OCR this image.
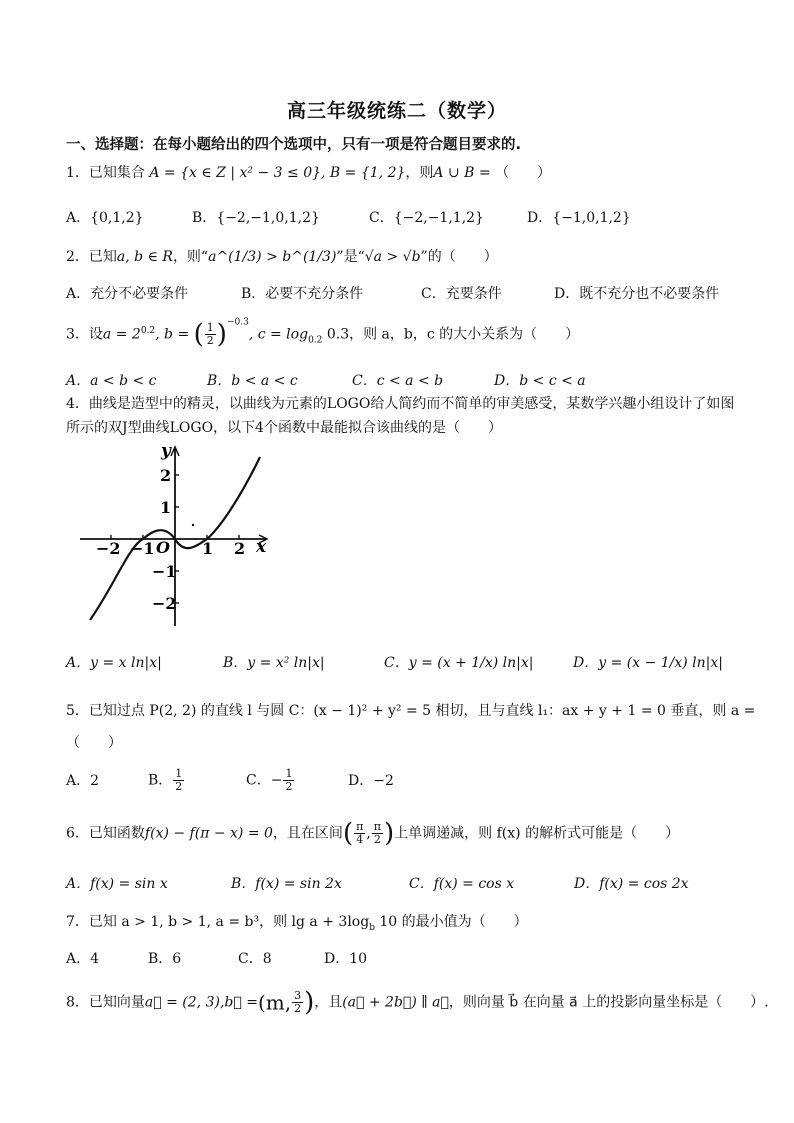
高三年级统练二（数学）
一、选择题：在每小题给出的四个选项中，只有一项是符合题目要求的.
1．已知集合 A = {x ∈ Z | x² − 3 ≤ 0}, B = {1, 2}，则A ∪ B = （　　）
A．{0,1,2}	B．{−2,−1,0,1,2}	C．{−2,−1,1,2}	D．{−1,0,1,2}
2．已知a, b ∈ R，则“a^(1/3) > b^(1/3)”是“√a > √b”的（　　）
A．充分不必要条件	B．必要不充分条件	C．充要条件	D．既不充分也不必要条件
3．设$a = 2^{0.2}$, b = ( $\frac{1}{2} )^{-0.3}$, $c = \log_{0.2} 0.3$，则 a，b，c 的大小关系为（　　）
A．a < b < c	B．b < a < c	C．c < a < b	D．b < c < a
4．曲线是造型中的精灵，以曲线为元素的LOGO给人简约而不简单的审美感受，某数学兴趣小组设计了如图
所示的双J型曲线LOGO，以下4个函数中最能拟合该曲线的是（　　）
y
x
O
−2 −1	1 2
2
1
−1
−2
A．y = x ln|x|	B．y = x² ln|x|	C．y = (x + 1/x) ln|x|	D．y = (x − 1/x) ln|x|
5．已知过点 P(2, 2) 的直线 l 与圆 C：(x − 1)² + y² = 5 相切，且与直线 l₁：ax + y + 1 = 0 垂直，则 a =
（　　）
A．2	B． $\frac{1}{2}$	C．− $\frac{1}{2}$	D．−2
6．已知函数f(x) − f(π − x) = 0，且在区间( $\frac{\pi}{4}$ , $\frac{\pi}{2}$ )上单调递减，则 f(x) 的解析式可能是（　　）
A．f(x) = sin x	B．f(x) = sin 2x	C．f(x) = cos x	D．f(x) = cos 2x
7．已知 a > 1, b > 1, a = b³，则 $\lg a + 3\log_b$ 10 的最小值为（　　）
A．4	B．6	C．8	D．10
8．已知向量a⃗ = (2, 3),b⃗ =(m, $\frac{3}{2}$ )，且(a⃗ + 2b⃗) ∥ a⃗，则向量 b⃗ 在向量 a⃗ 上的投影向量坐标是（　　）.
